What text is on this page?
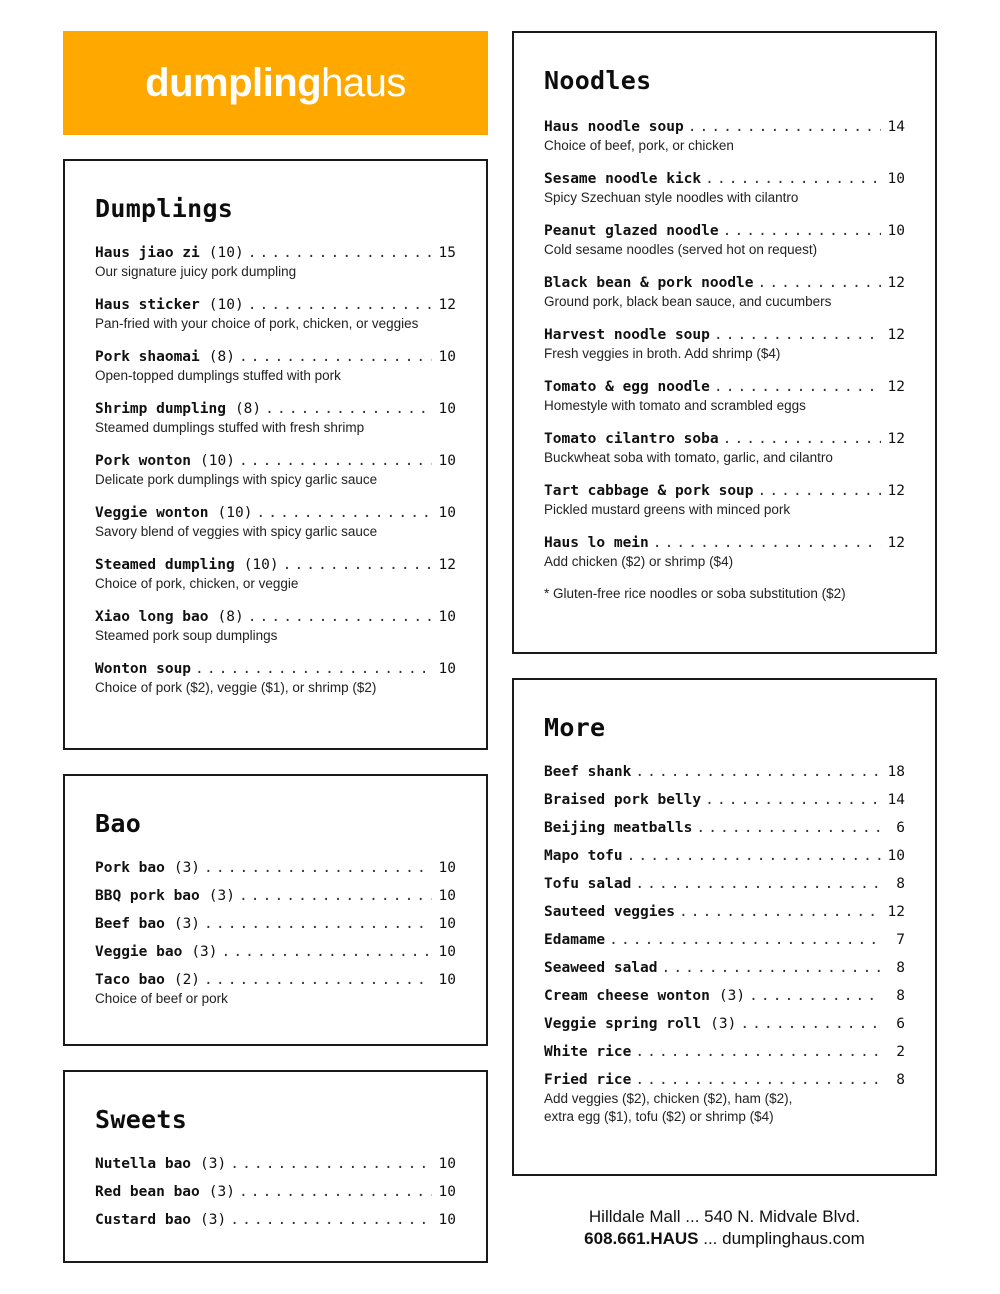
dumplinghaus
Dumplings
Haus jiao zi (10) .....	15
Our signature juicy pork dumpling
Haus sticker (10) .....	12
Pan-fried with your choice of pork, chicken, or veggies
Pork shaomai (8) .....	10
Open-topped dumplings stuffed with pork
Shrimp dumpling (8) .....	10
Steamed dumplings stuffed with fresh shrimp
Pork wonton (10) .....	10
Delicate pork dumplings with spicy garlic sauce
Veggie wonton (10) .....	10
Savory blend of veggies with spicy garlic sauce
Steamed dumpling (10) .....	12
Choice of pork, chicken, or veggie
Xiao long bao (8) .....	10
Steamed pork soup dumplings
Wonton soup .....	10
Choice of pork ($2), veggie ($1), or shrimp ($2)
Bao
Pork bao (3) .....	10
BBQ pork bao (3) .....	10
Beef bao (3) .....	10
Veggie bao (3) .....	10
Taco bao (2) .....	10
Choice of beef or pork
Sweets
Nutella bao (3) .....	10
Red bean bao (3) .....	10
Custard bao (3) .....	10
Noodles
Haus noodle soup .....	14
Choice of beef, pork, or chicken
Sesame noodle kick .....	10
Spicy Szechuan style noodles with cilantro
Peanut glazed noodle .....	10
Cold sesame noodles (served hot on request)
Black bean & pork noodle .....	12
Ground pork, black bean sauce, and cucumbers
Harvest noodle soup .....	12
Fresh veggies in broth. Add shrimp ($4)
Tomato & egg noodle .....	12
Homestyle with tomato and scrambled eggs
Tomato cilantro soba .....	12
Buckwheat soba with tomato, garlic, and cilantro
Tart cabbage & pork soup .....	12
Pickled mustard greens with minced pork
Haus lo mein .....	12
Add chicken ($2) or shrimp ($4)
* Gluten-free rice noodles or soba substitution ($2)
More
Beef shank .....	18
Braised pork belly .....	14
Beijing meatballs .....	6
Mapo tofu .....	10
Tofu salad .....	8
Sauteed veggies .....	12
Edamame .....	7
Seaweed salad .....	8
Cream cheese wonton (3) .....	8
Veggie spring roll (3) .....	6
White rice .....	2
Fried rice .....	8
Add veggies ($2), chicken ($2), ham ($2),
extra egg ($1), tofu ($2) or shrimp ($4)
Hilldale Mall ... 540 N. Midvale Blvd.
608.661.HAUS ... dumplinghaus.com
